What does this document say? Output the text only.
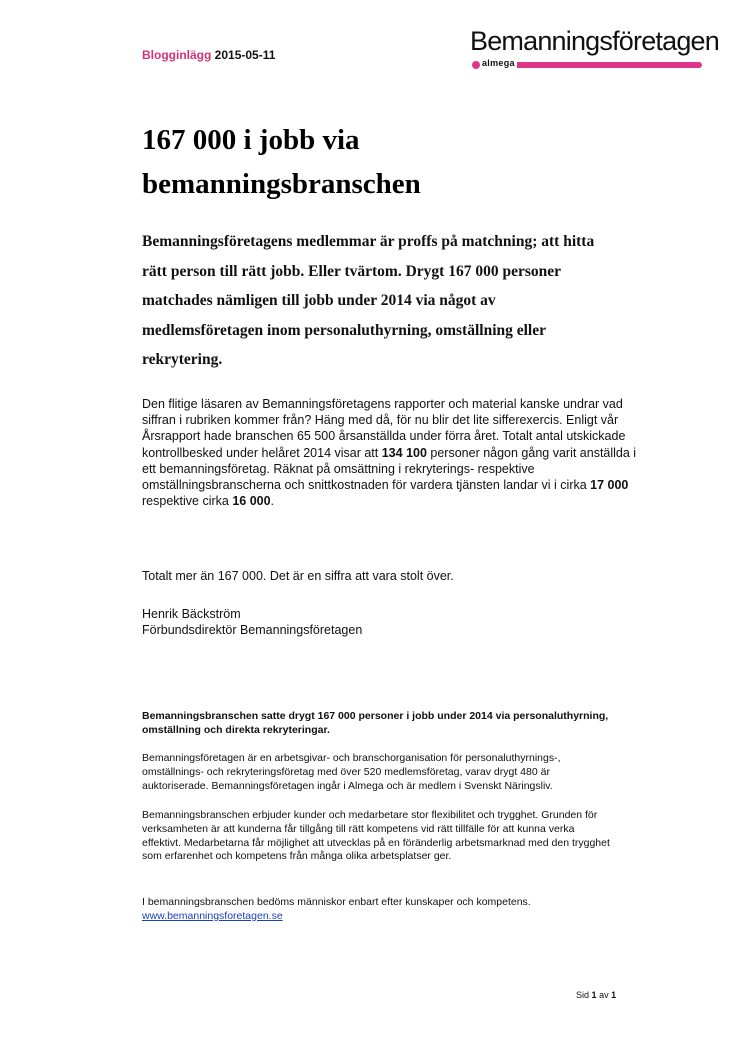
Blogginlägg 2015-05-11	Bemanningsföretagen
almega
167 000 i jobb via bemanningsbranschen

Bemanningsföretagens medlemmar är proffs på matchning; att hitta rätt person till rätt jobb. Eller tvärtom. Drygt 167 000 personer matchades nämligen till jobb under 2014 via något av medlemsföretagen inom personaluthyrning, omställning eller rekrytering.

Den flitige läsaren av Bemanningsföretagens rapporter och material kanske undrar vad siffran i rubriken kommer från? Häng med då, för nu blir det lite sifferexercis. Enligt vår Årsrapport hade branschen 65 500 årsanställda under förra året. Totalt antal utskickade kontrollbesked under helåret 2014 visar att 134 100 personer någon gång varit anställda i ett bemanningsföretag. Räknat på omsättning i rekryterings- respektive omställningsbranscherna och snittkostnaden för vardera tjänsten landar vi i cirka 17 000 respektive cirka 16 000.

Totalt mer än 167 000. Det är en siffra att vara stolt över.

Henrik Bäckström
Förbundsdirektör Bemanningsföretagen

Bemanningsbranschen satte drygt 167 000 personer i jobb under 2014 via personaluthyrning, omställning och direkta rekryteringar.

Bemanningsföretagen är en arbetsgivar- och branschorganisation för personaluthyrnings-, omställnings- och rekryteringsföretag med över 520 medlemsföretag, varav drygt 480 är auktoriserade. Bemanningsföretagen ingår i Almega och är medlem i Svenskt Näringsliv.

Bemanningsbranschen erbjuder kunder och medarbetare stor flexibilitet och trygghet. Grunden för verksamheten är att kunderna får tillgång till rätt kompetens vid rätt tillfälle för att kunna verka effektivt. Medarbetarna får möjlighet att utvecklas på en föränderlig arbetsmarknad med den trygghet som erfarenhet och kompetens från många olika arbetsplatser ger.

I bemanningsbranschen bedöms människor enbart efter kunskaper och kompetens.
www.bemanningsforetagen.se
Sid 1 av 1
